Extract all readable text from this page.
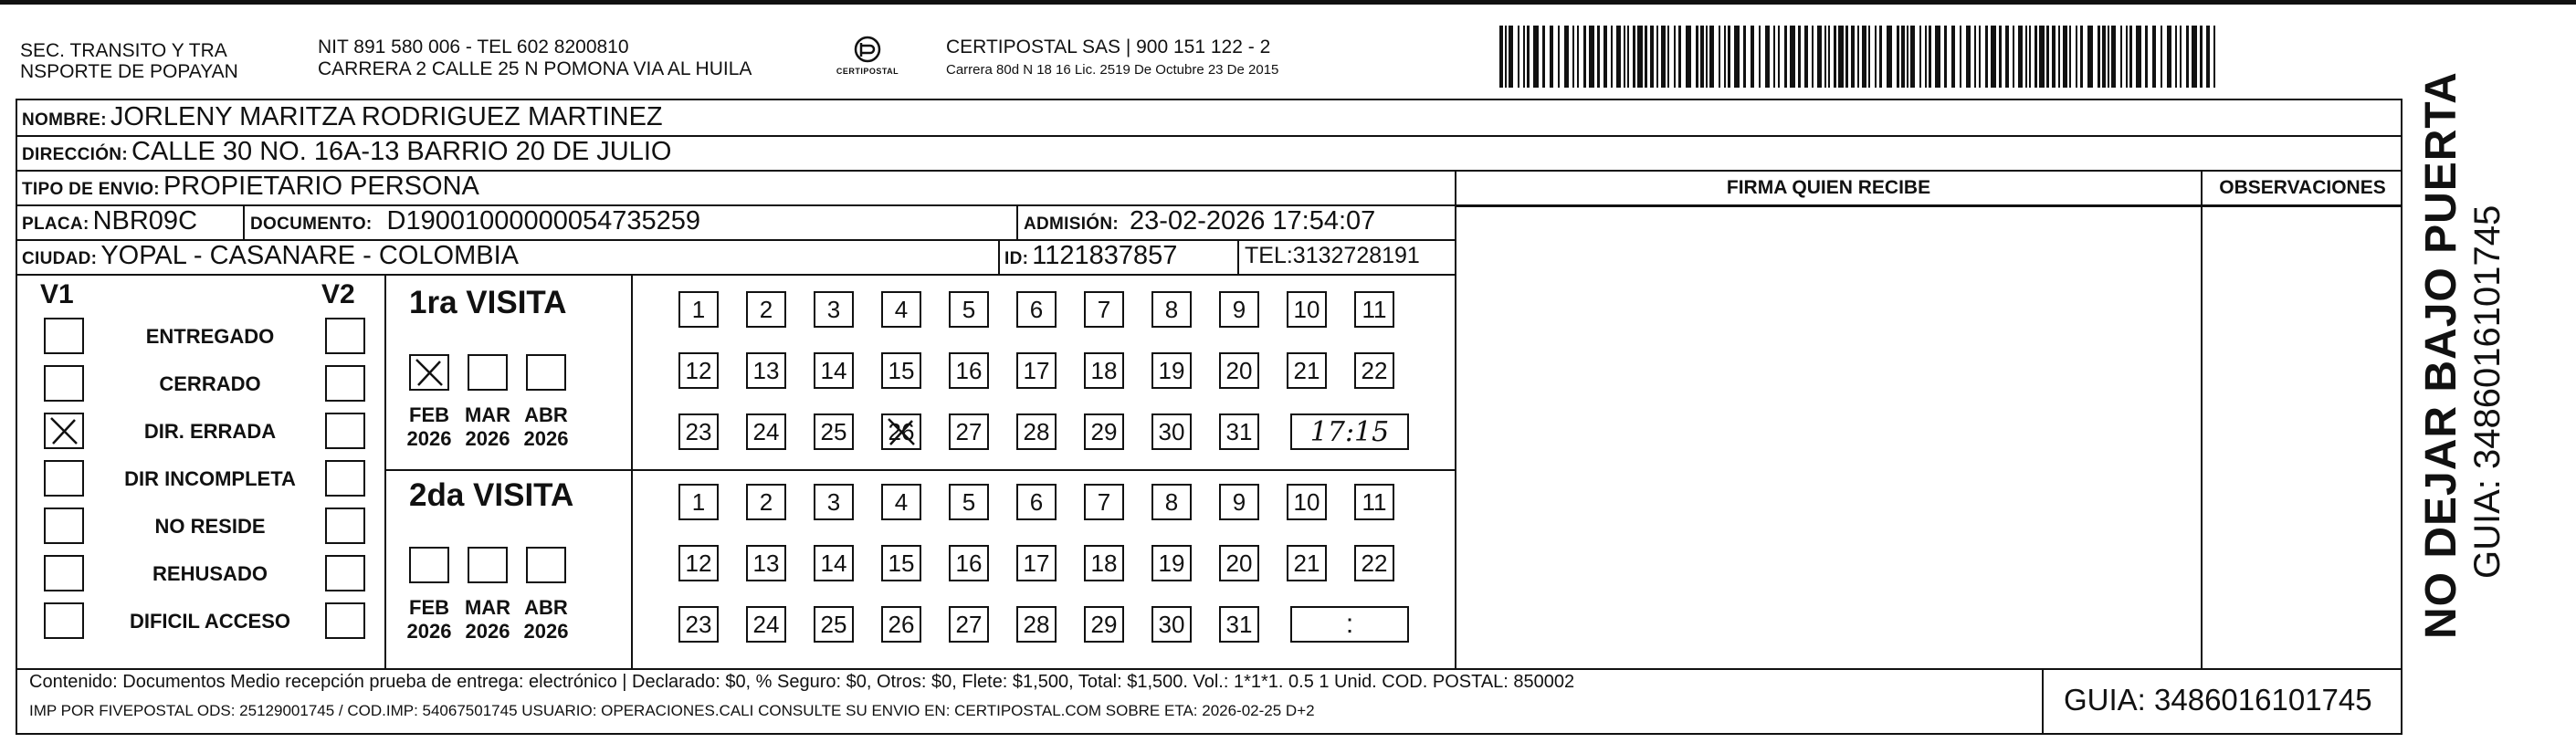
SEC. TRANSITO Y TRA
NSPORTE DE POPAYAN
NIT 891 580 006 - TEL 602 8200810
CARRERA 2 CALLE 25 N POMONA VIA AL HUILA	CERTIPOSTAL
CERTIPOSTAL SAS | 900 151 122 - 2
Carrera 80d N 18 16 Lic. 2519 De Octubre 23 De 2015
NOMBRE: JORLENY MARITZA RODRIGUEZ MARTINEZ
DIRECCIÓN: CALLE 30 NO. 16A-13 BARRIO 20 DE JULIO
TIPO DE ENVIO: PROPIETARIO PERSONA
PLACA: NBR09C	DOCUMENTO: D19001000000054735259	ADMISIÓN: 23-02-2026 17:54:07
CIUDAD: YOPAL - CASANARE - COLOMBIA	ID: 1121837857	TEL: 3132728191
FIRMA QUIEN RECIBE	OBSERVACIONES
V1	V2
ENTREGADO
CERRADO
DIR. ERRADA
DIR INCOMPLETA
NO RESIDE
REHUSADO
DIFICIL ACCESO
1ra VISITA
2da VISITA
FEB
2026
MAR
2026
ABR
2026
1	2	3	4	5	6	7	8	9	10	11
12 13 14 15 16 17 18 19 20 21 22
23 24 25 26 27 28 29 30 31 17:15
FEB
2026
MAR
2026
ABR
2026
1	2	3	4	5	6	7	8	9	10	11
12 13 14 15 16 17 18 19 20 21 22
23 24 25 26 27 28 29 30 31	:
Contenido: Documentos Medio recepción prueba de entrega: electrónico | Declarado: $0, % Seguro: $0, Otros: $0, Flete: $1,500, Total: $1,500. Vol.: 1*1*1. 0.5 1 Unid. COD. POSTAL: 850002
IMP POR FIVEPOSTAL ODS: 25129001745 / COD.IMP: 54067501745 USUARIO: OPERACIONES.CALI CONSULTE SU ENVIO EN: CERTIPOSTAL.COM SOBRE ETA: 2026-02-25 D+2	GUIA: 3486016101745
NO DEJAR BAJO PUERTA GUIA: 3486016101745
